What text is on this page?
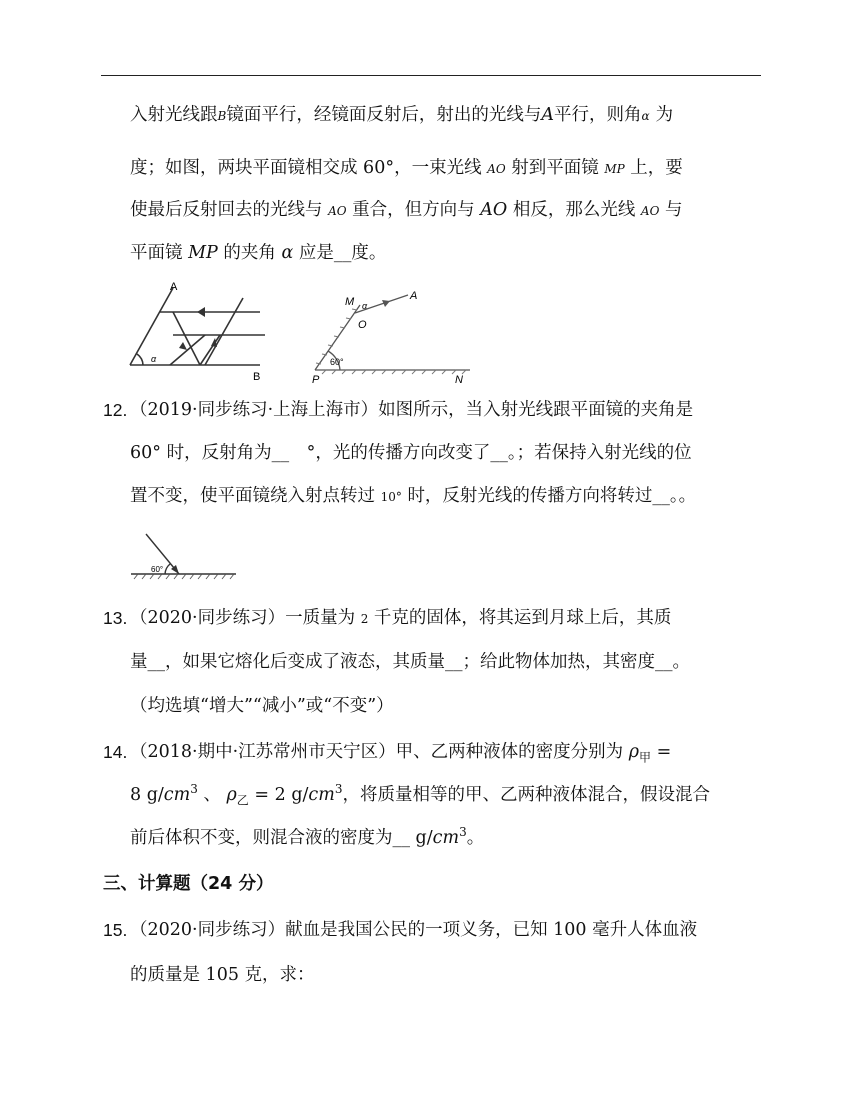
入射光线跟B镜面平行，经镜面反射后，射出的光线与A平行，则角α 为
度；如图，两块平面镜相交成 60°，一束光线 AO 射到平面镜 MP 上，要
使最后反射回去的光线与 AO 重合，但方向与 AO 相反，那么光线 AO 与
平面镜 MP 的夹角 α 应是__度。
A
B
α
M	A
α
O
P	N
60°
12. （2019·同步练习·上海上海市）如图所示，当入射光线跟平面镜的夹角是
60° 时，反射角为__　°，光的传播方向改变了__。；若保持入射光线的位
置不变，使平面镜绕入射点转过 10° 时，反射光线的传播方向将转过__。。
60°
13. （2020·同步练习）一质量为 2 千克的固体，将其运到月球上后，其质
量__，如果它熔化后变成了液态，其质量__；给此物体加热，其密度__。
（均选填“增大”“减小”或“不变”）
14. （2018·期中·江苏常州市天宁区）甲、乙两种液体的密度分别为 $\rho_甲$ =
8 $g/cm^3$ 、 $\rho_乙 = 2$ $g/cm^3$，将质量相等的甲、乙两种液体混合，假设混合
前后体积不变，则混合液的密度为__ $g/cm^3$。
三、计算题（24 分）
15. （2020·同步练习）献血是我国公民的一项义务，已知 100 毫升人体血液
的质量是 105 克，求：
